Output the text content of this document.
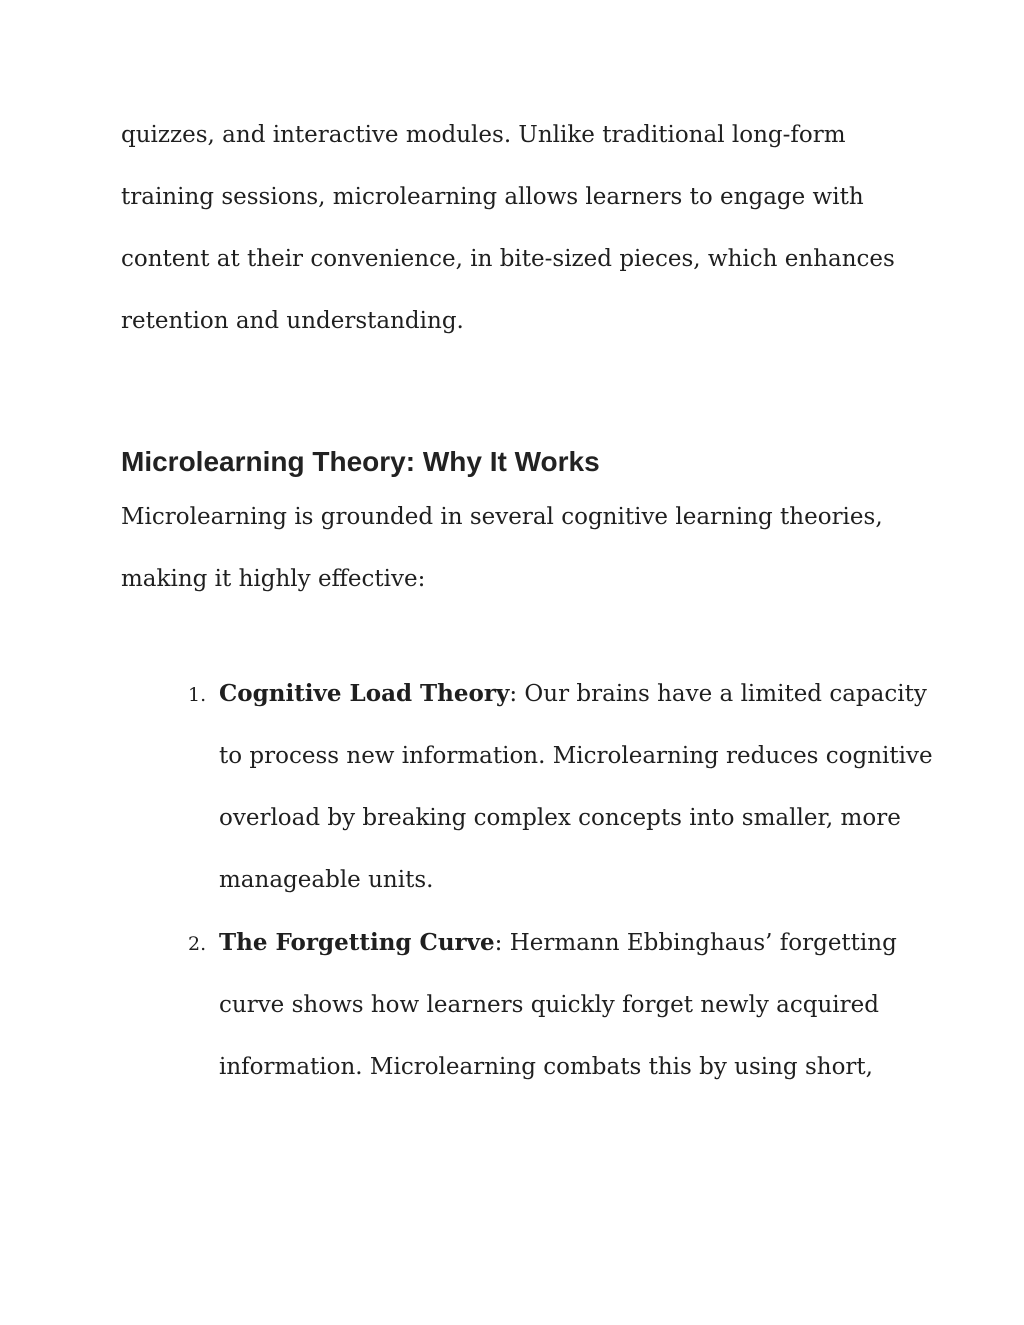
quizzes, and interactive modules. Unlike traditional long-form
training sessions, microlearning allows learners to engage with
content at their convenience, in bite-sized pieces, which enhances
retention and understanding.
Microlearning Theory: Why It Works
Microlearning is grounded in several cognitive learning theories,
making it highly effective:
1. Cognitive Load Theory: Our brains have a limited capacity
to process new information. Microlearning reduces cognitive
overload by breaking complex concepts into smaller, more
manageable units.
2. The Forgetting Curve: Hermann Ebbinghaus’ forgetting
curve shows how learners quickly forget newly acquired
information. Microlearning combats this by using short,
